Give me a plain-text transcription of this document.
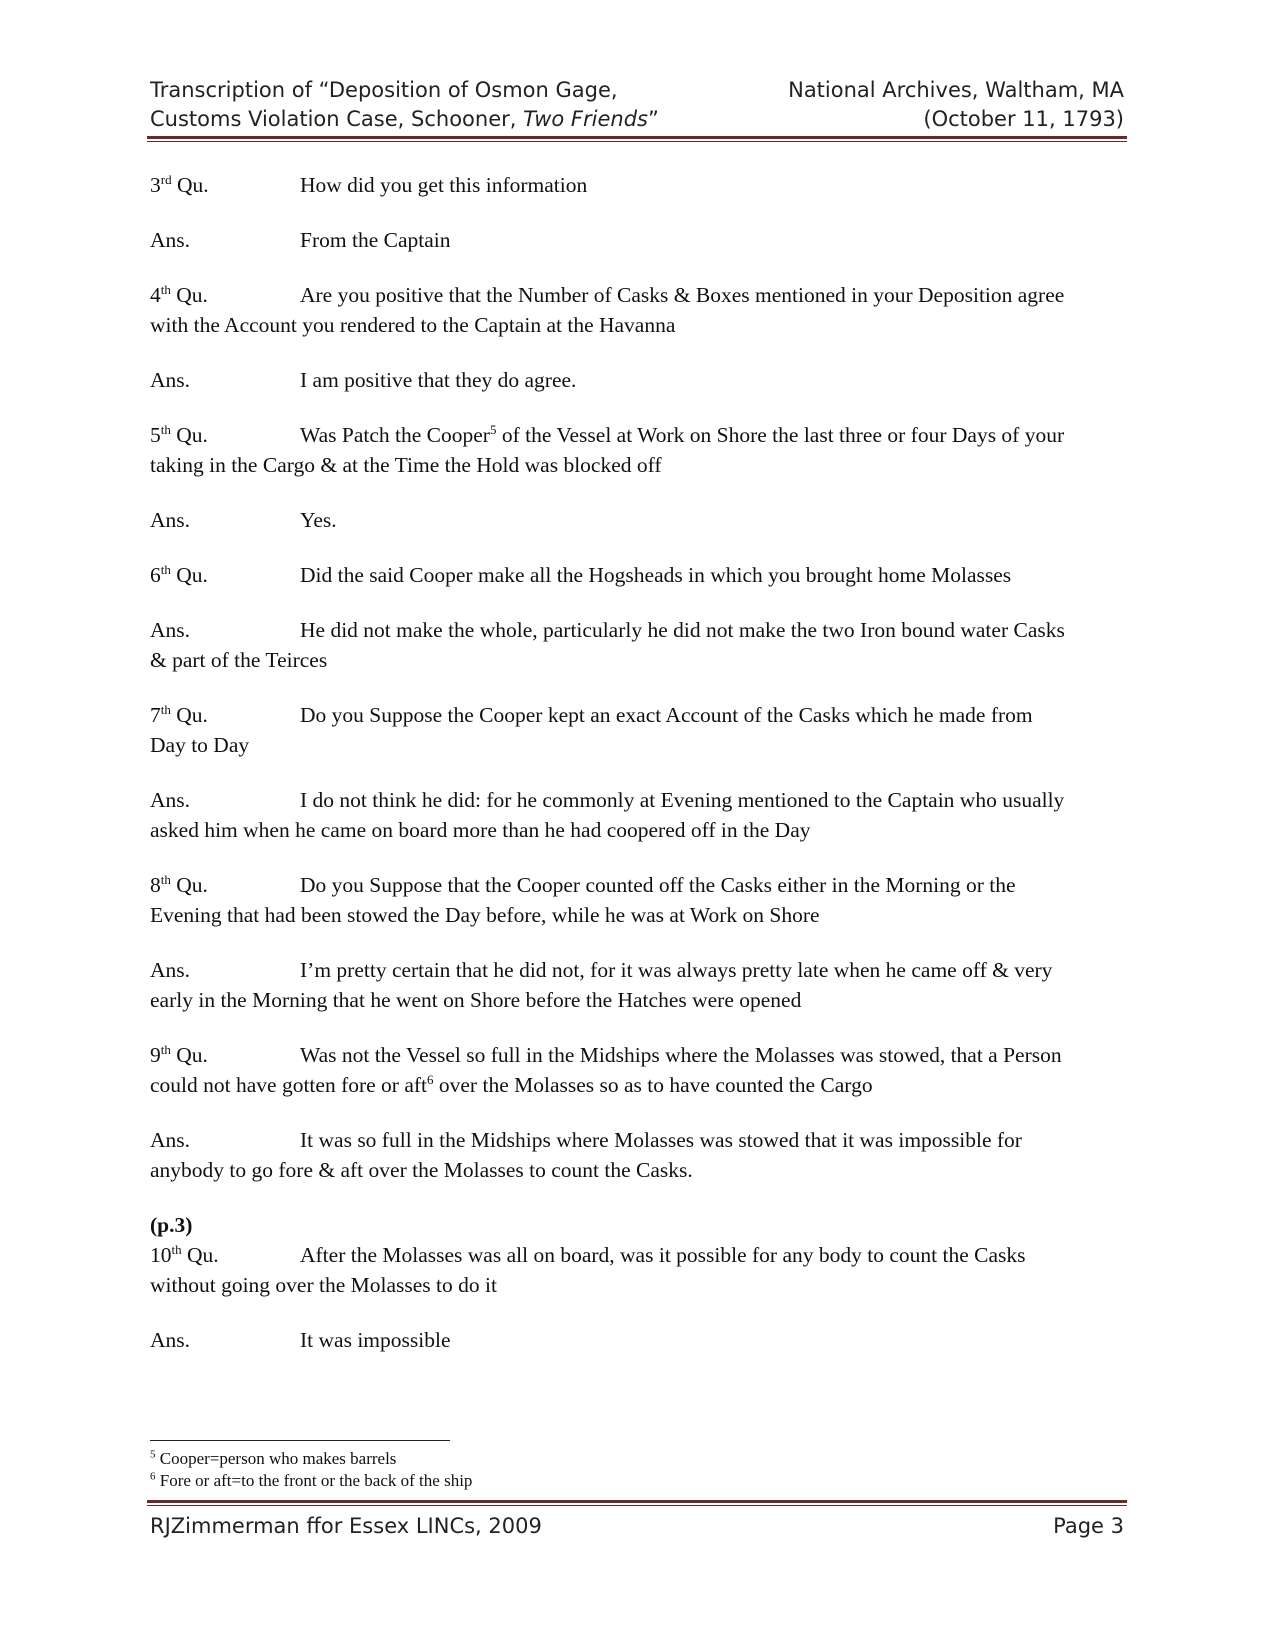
Transcription of “Deposition of Osmon Gage,
Customs Violation Case, Schooner, Two Friends”
National Archives, Waltham, MA
(October 11, 1793)

3rd Qu.	How did you get this information

Ans.	From the Captain

4th Qu.	Are you positive that the Number of Casks & Boxes mentioned in your Deposition agree
with the Account you rendered to the Captain at the Havanna

Ans.	I am positive that they do agree.

5th Qu.	Was Patch the Cooper$^5$ of the Vessel at Work on Shore the last three or four Days of your
taking in the Cargo & at the Time the Hold was blocked off

Ans.	Yes.

6th Qu.	Did the said Cooper make all the Hogsheads in which you brought home Molasses

Ans.	He did not make the whole, particularly he did not make the two Iron bound water Casks
& part of the Teirces

7th Qu.	Do you Suppose the Cooper kept an exact Account of the Casks which he made from
Day to Day

Ans.	I do not think he did: for he commonly at Evening mentioned to the Captain who usually
asked him when he came on board more than he had coopered off in the Day

8th Qu.	Do you Suppose that the Cooper counted off the Casks either in the Morning or the
Evening that had been stowed the Day before, while he was at Work on Shore

Ans.	I’m pretty certain that he did not, for it was always pretty late when he came off & very
early in the Morning that he went on Shore before the Hatches were opened

9th Qu.	Was not the Vessel so full in the Midships where the Molasses was stowed, that a Person
could not have gotten fore or aft$^6$ over the Molasses so as to have counted the Cargo

Ans.	It was so full in the Midships where Molasses was stowed that it was impossible for
anybody to go fore & aft over the Molasses to count the Casks.

(p.3)

10th Qu.	After the Molasses was all on board, was it possible for any body to count the Casks
without going over the Molasses to do it

Ans.	It was impossible

$^5$ Cooper=person who makes barrels
$^6$ Fore or aft=to the front or the back of the ship
RJZimmerman ffor Essex LINCs, 2009	Page 3
